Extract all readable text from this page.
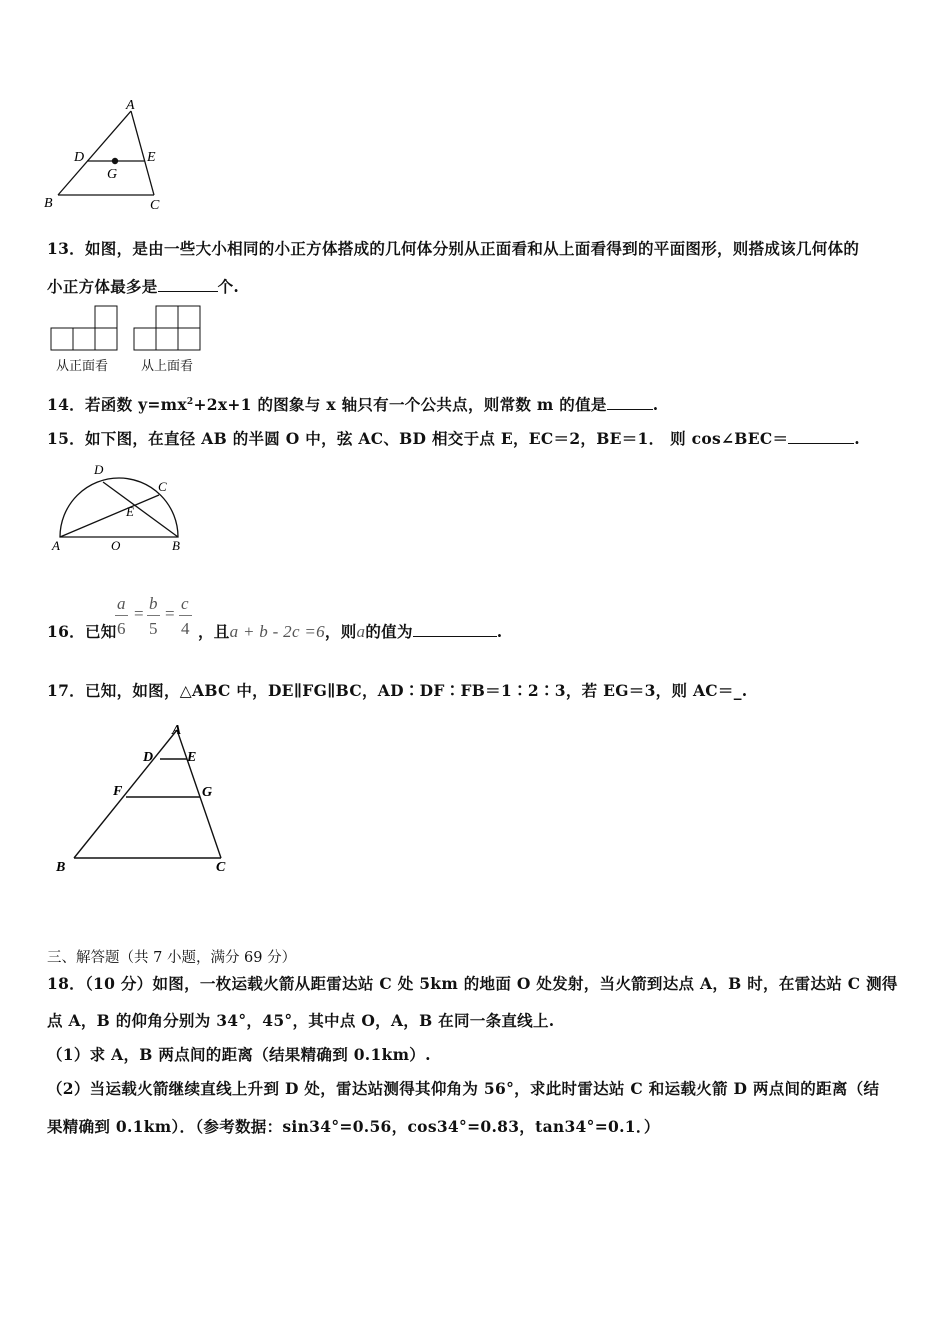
A
B	C
D	E
G
13．如图，是由一些大小相同的小正方体搭成的几何体分别从正面看和从上面看得到的平面图形，则搭成该几何体的
小正方体最多是	个.
从正面看	从上面看
14．若函数 $y=mx^2+2x+1$ 的图象与 x 轴只有一个公共点，则常数 m 的值是	.
15．如下图，在直径 AB 的半圆 O 中，弦 AC、BD 相交于点 E，EC＝2，BE＝1． 则 cos∠BEC＝	.
A	O	B
D
C
E
16．已知
a
6
=
b
5
=
c
4 ，且a + b - 2c =6，则a的值为	.
17．已知，如图，△ABC 中，DE∥FG∥BC，AD∶DF∶FB＝1∶2∶3，若 EG＝3，则 AC＝_.
A
D E
F	G
B	C
三、解答题（共 7 小题，满分 69 分）
18．（10 分）如图，一枚运载火箭从距雷达站 C 处 5km 的地面 O 处发射，当火箭到达点 A，B 时，在雷达站 C 测得
点 A，B 的仰角分别为 34°，45°，其中点 O，A，B 在同一条直线上.
（1）求 A，B 两点间的距离（结果精确到 0.1km）.
（2）当运载火箭继续直线上升到 D 处，雷达站测得其仰角为 56°，求此时雷达站 C 和运载火箭 D 两点间的距离（结
果精确到 0.1km）．（参考数据：sin34°=0.56，cos34°=0.83，tan34°=0.1．）
